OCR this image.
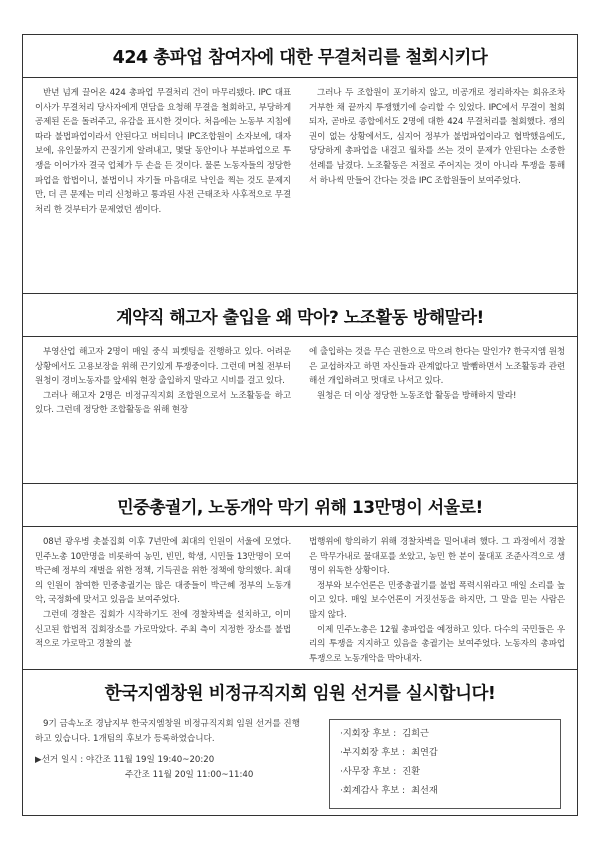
424 총파업 참여자에 대한 무결처리를 철회시키다

반년 넘게 끌어온 424 총파업 무결처리 건이 마무리됐다. IPC 대표이사가 무결처리 당사자에게 면담을 요청해 무결을 철회하고, 부당하게 공제된 돈을 돌려주고, 유감을 표시한 것이다. 처음에는 노동부 지침에 따라 불법파업이라서 안된다고 버티더니 IPC조합원이 소자보에, 대자보에, 유인물까지 끈질기게 알려내고, 몇달 동안이나 부분파업으로 투쟁을 이어가자 결국 업체가 두 손을 든 것이다. 물론 노동자들의 정당한 파업을 합법이니, 불법이니 자기들 마음대로 낙인을 찍는 것도 문제지만, 더 큰 문제는 미리 신청하고 통과된 사전 근태조차 사후적으로 무결처리 한 것부터가 문제였던 셈이다.

그러나 두 조합원이 포기하지 않고, 비공개로 정리하자는 회유조차 거부한 채 끝까지 투쟁했기에 승리할 수 있었다. IPC에서 무결이 철회되자, 곧바로 종합에서도 2명에 대한 424 무결처리를 철회했다. 쟁의권이 없는 상황에서도, 심지어 정부가 불법파업이라고 협박했음에도, 당당하게 총파업을 내걸고 월차를 쓰는 것이 문제가 안된다는 소중한 선례를 남겼다. 노조활동은 저절로 주어지는 것이 아니라 투쟁을 통해서 하나씩 만들어 간다는 것을 IPC 조합원들이 보여주었다.

계약직 해고자 출입을 왜 막아? 노조활동 방해말라!

부영산업 해고자 2명이 매일 중식 피켓팅을 진행하고 있다. 어려운 상황에서도 고용보장을 위해 끈기있게 투쟁중이다. 그런데 며칠 전부터 원청이 경비노동자를 앞세워 현장 출입하지 말라고 시비를 걸고 있다.

그러나 해고자 2명은 비정규직지회 조합원으로서 노조활동을 하고 있다. 그런데 정당한 조합활동을 위해 현장

에 출입하는 것을 무슨 권한으로 막으려 한다는 말인가? 한국지엠 원청은 교섭하자고 하면 자신들과 관계없다고 발뺌하면서 노조활동과 관련해선 개입하려고 멋대로 나서고 있다.

원청은 더 이상 정당한 노동조합 활동을 방해하지 말라!

민중총궐기, 노동개악 막기 위해 13만명이 서울로!

08년 광우병 촛불집회 이후 7년만에 최대의 인원이 서울에 모였다. 민주노총 10만명을 비롯하여 농민, 빈민, 학생, 시민들 13만명이 모여 박근혜 정부의 재벌을 위한 정책, 기득권을 위한 정책에 항의했다. 최대의 인원이 참여한 민중총궐기는 많은 대중들이 박근혜 정부의 노동개악, 국정화에 맞서고 있음을 보여주었다.

그런데 경찰은 집회가 시작하기도 전에 경찰차벽을 설치하고, 이미 신고된 합법적 집회장소를 가로막았다. 주최 측이 지정한 장소를 불법적으로 가로막고 경찰의 불

법행위에 항의하기 위해 경찰차벽을 밀어내려 했다. 그 과정에서 경찰은 막무가내로 물대포를 쏘았고, 농민 한 분이 물대포 조준사격으로 생명이 위독한 상황이다.

정부와 보수언론은 민중총궐기를 불법 폭력시위라고 매일 소리를 높이고 있다. 매일 보수언론이 거짓선동을 하지만, 그 말을 믿는 사람은 많지 않다.

이제 민주노총은 12월 총파업을 예정하고 있다. 다수의 국민들은 우리의 투쟁을 지지하고 있음을 총궐기는 보여주었다. 노동자의 총파업 투쟁으로 노동개악을 막아내자.

한국지엠창원 비정규직지회 임원 선거를 실시합니다!

9기 금속노조 경남지부 한국지엠창원 비정규직지회 임원 선거를 진행하고 있습니다. 1개팀의 후보가 등록하였습니다.

▶선거 일시 : 야간조 11월 19일 19:40~20:20
주간조 11월 20일 11:00~11:40
·지회장 후보 : 김희근
·부지회장 후보 : 최연갑
·사무장 후보 : 진환
·회계감사 후보 : 최선재
